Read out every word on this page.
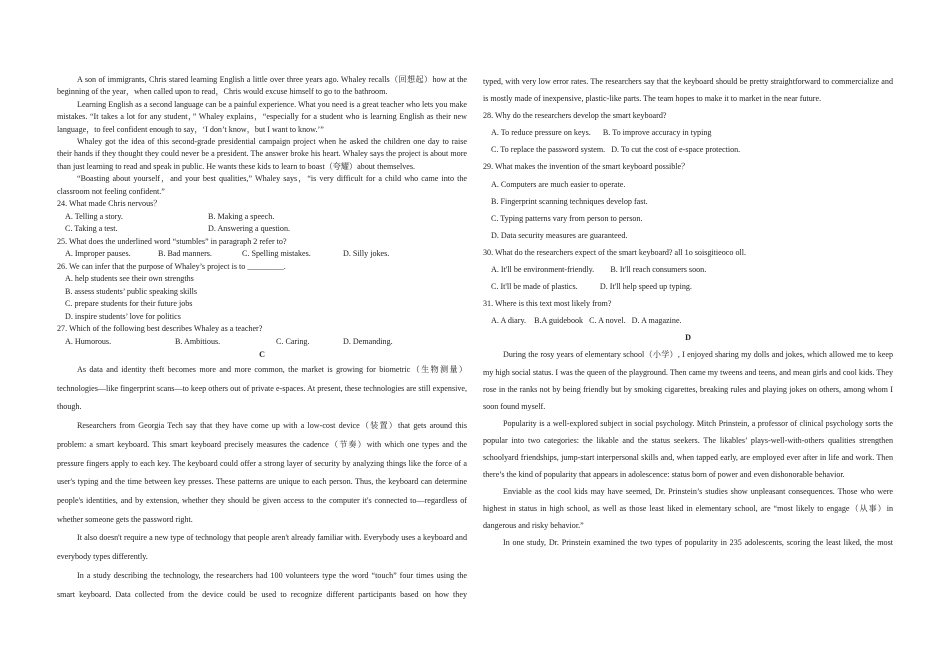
A son of immigrants, Chris stared learning English a little over three years ago. Whaley recalls（回想起）how at the beginning of the year，when called upon to read，Chris would excuse himself to go to the bathroom.

Learning English as a second language can be a painful experience. What you need is a great teacher who lets you make mistakes. “It takes a lot for any student，” Whaley explains，“especially for a student who is learning English as their new language，to feel confident enough to say，‘I don’t know，but I want to know.’”

Whaley got the idea of this second-grade presidential campaign project when he asked the children one day to raise their hands if they thought they could never be a president. The answer broke his heart. Whaley says the project is about more than just learning to read and speak in public. He wants these kids to learn to boast（夸耀）about themselves.

“Boasting about yourself，and your best qualities,” Whaley says，“is very difficult for a child who came into the classroom not feeling confident.”

24. What made Chris nervous？
A. Telling a story.	B. Making a speech.
C. Taking a test.	D. Answering a question.
25. What does the underlined word “stumbles” in paragraph 2 refer to?
A. Improper pauses.	B. Bad manners.	C. Spelling mistakes.	D. Silly jokes.
26. We can infer that the purpose of Whaley’s project is to _________.
A. help students see their own strengths
B. assess students’ public speaking skills
C. prepare students for their future jobs
D. inspire students’ love for politics
27. Which of the following best describes Whaley as a teacher?
A. Humorous.	B. Ambitious.	C. Caring.	D. Demanding.
C

As data and identity theft becomes more and more common, the market is growing for biometric（生物测量）technologies—like fingerprint scans—to keep others out of private e-spaces. At present, these technologies are still expensive, though.

Researchers from Georgia Tech say that they have come up with a low-cost device（装置）that gets around this problem: a smart keyboard. This smart keyboard precisely measures the cadence（节奏）with which one types and the pressure fingers apply to each key. The keyboard could offer a strong layer of security by analyzing things like the force of a user's typing and the time between key presses. These patterns are unique to each person. Thus, the keyboard can determine people's identities, and by extension, whether they should be given access to the computer it's connected to—regardless of whether someone gets the password right.

It also doesn't require a new type of technology that people aren't already familiar with. Everybody uses a keyboard and everybody types differently.

In a study describing the technology, the researchers had 100 volunteers type the word “touch” four times using the smart keyboard. Data collected from the device could be used to recognize different participants based on how they

typed, with very low error rates. The researchers say that the keyboard should be pretty straightforward to commercialize and is mostly made of inexpensive, plastic-like parts. The team hopes to make it to market in the near future.

28. Why do the researchers develop the smart keyboard?
A. To reduce pressure on keys.      B. To improve accuracy in typing
C. To replace the password system.   D. To cut the cost of e-space protection.
29. What makes the invention of the smart keyboard possible？
A. Computers are much easier to operate.
B. Fingerprint scanning techniques develop fast.
C. Typing patterns vary from person to person.
D. Data security measures are guaranteed.
30. What do the researchers expect of the smart keyboard? all 1o soisgitieoco oll.
A. It'll be environment-friendly.        B. It'll reach consumers soon.
C. It'll be made of plastics.           D. It'll help speed up typing.
31. Where is this text most likely from?
A. A diary.    B.A guidebook   C. A novel.   D. A magazine.
D

During the rosy years of elementary school（小学）, I enjoyed sharing my dolls and jokes, which allowed me to keep my high social status. I was the queen of the playground. Then came my tweens and teens, and mean girls and cool kids. They rose in the ranks not by being friendly but by smoking cigarettes, breaking rules and playing jokes on others, among whom I soon found myself.

Popularity is a well-explored subject in social psychology. Mitch Prinstein, a professor of clinical psychology sorts the popular into two categories: the likable and the status seekers. The likables’ plays-well-with-others qualities strengthen schoolyard friendships, jump-start interpersonal skills and, when tapped early, are employed ever after in life and work. Then there’s the kind of popularity that appears in adolescence: status born of power and even dishonorable behavior.

Enviable as the cool kids may have seemed, Dr. Prinstein’s studies show unpleasant consequences. Those who were highest in status in high school, as well as those least liked in elementary school, are “most likely to engage（从事）in dangerous and risky behavior.”

In one study, Dr. Prinstein examined the two types of popularity in 235 adolescents, scoring the least liked, the most
